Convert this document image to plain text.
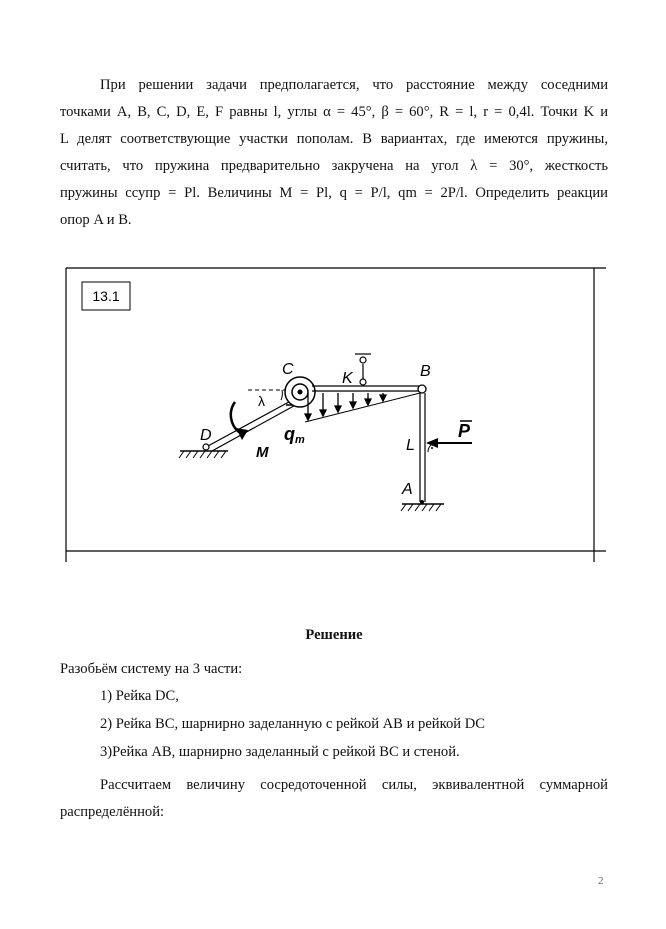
При решении задачи предполагается, что расстояние между соседними
точками A, B, C, D, E, F равны l, углы α = 45°, β = 60°, R = l, r = 0,4l. Точки K и
L делят соответствующие участки пополам. В вариантах, где имеются пружины,
считать, что пружина предварительно закручена на угол λ = 30°, жесткость
пружины ссупр = Pl. Величины M = Pl, q = P/l, qm = 2P/l. Определить реакции
опор A и B.
13.1
D
M
λ
C
qm
K	B
L
P
A
Решение
Разобьём систему на 3 части:
1) Рейка DC,
2) Рейка BC, шарнирно заделанную с рейкой AB и рейкой DC
3)Рейка AB, шарнирно заделанный с рейкой BC и стеной.
Рассчитаем величину сосредоточенной силы, эквивалентной суммарной
распределённой:
2
